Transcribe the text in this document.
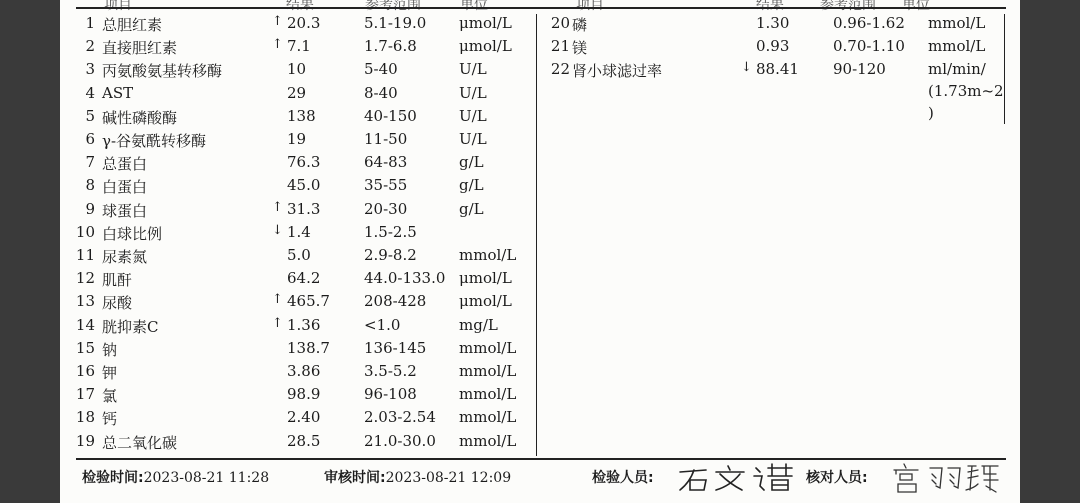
1 总胆红素	↑ 20.3	5.1-19.0 μmol/L
2 直接胆红素	↑ 7.1	1.7-6.8	μmol/L
3 丙氨酸氨基转移酶	10	5-40	U/L
4 AST	29	8-40	U/L
5 碱性磷酸酶	138	40-150	U/L
6 γ-谷氨酰转移酶	19	11-50	U/L
7 总蛋白	76.3	64-83	g/L
8 白蛋白	45.0	35-55	g/L
9 球蛋白	↑ 31.3	20-30	g/L
10 白球比例	↓ 1.4	1.5-2.5
11 尿素氮	5.0	2.9-8.2	mmol/L
12 肌酐	64.2	44.0-133.0 μmol/L
13 尿酸	↑ 465.7 208-428 μmol/L
14 胱抑素C	↑ 1.36	<1.0	mg/L
15 钠	138.7 136-145 mmol/L
16 钾	3.86	3.5-5.2	mmol/L
17 氯	98.9	96-108	mmol/L
18 钙	2.40	2.03-2.54 mmol/L
19 总二氧化碳	28.5	21.0-30.0 mmol/L
20 磷	1.30	0.96-1.62 mmol/L
21 镁	0.93	0.70-1.10 mmol/L
22 肾小球滤过率	↓ 88.41 90-120	ml/min/
(1.73m~2
)
检验时间:2023-08-21 11:28	审核时间:2023-08-21 12:09	检验人员:	核对人员:
